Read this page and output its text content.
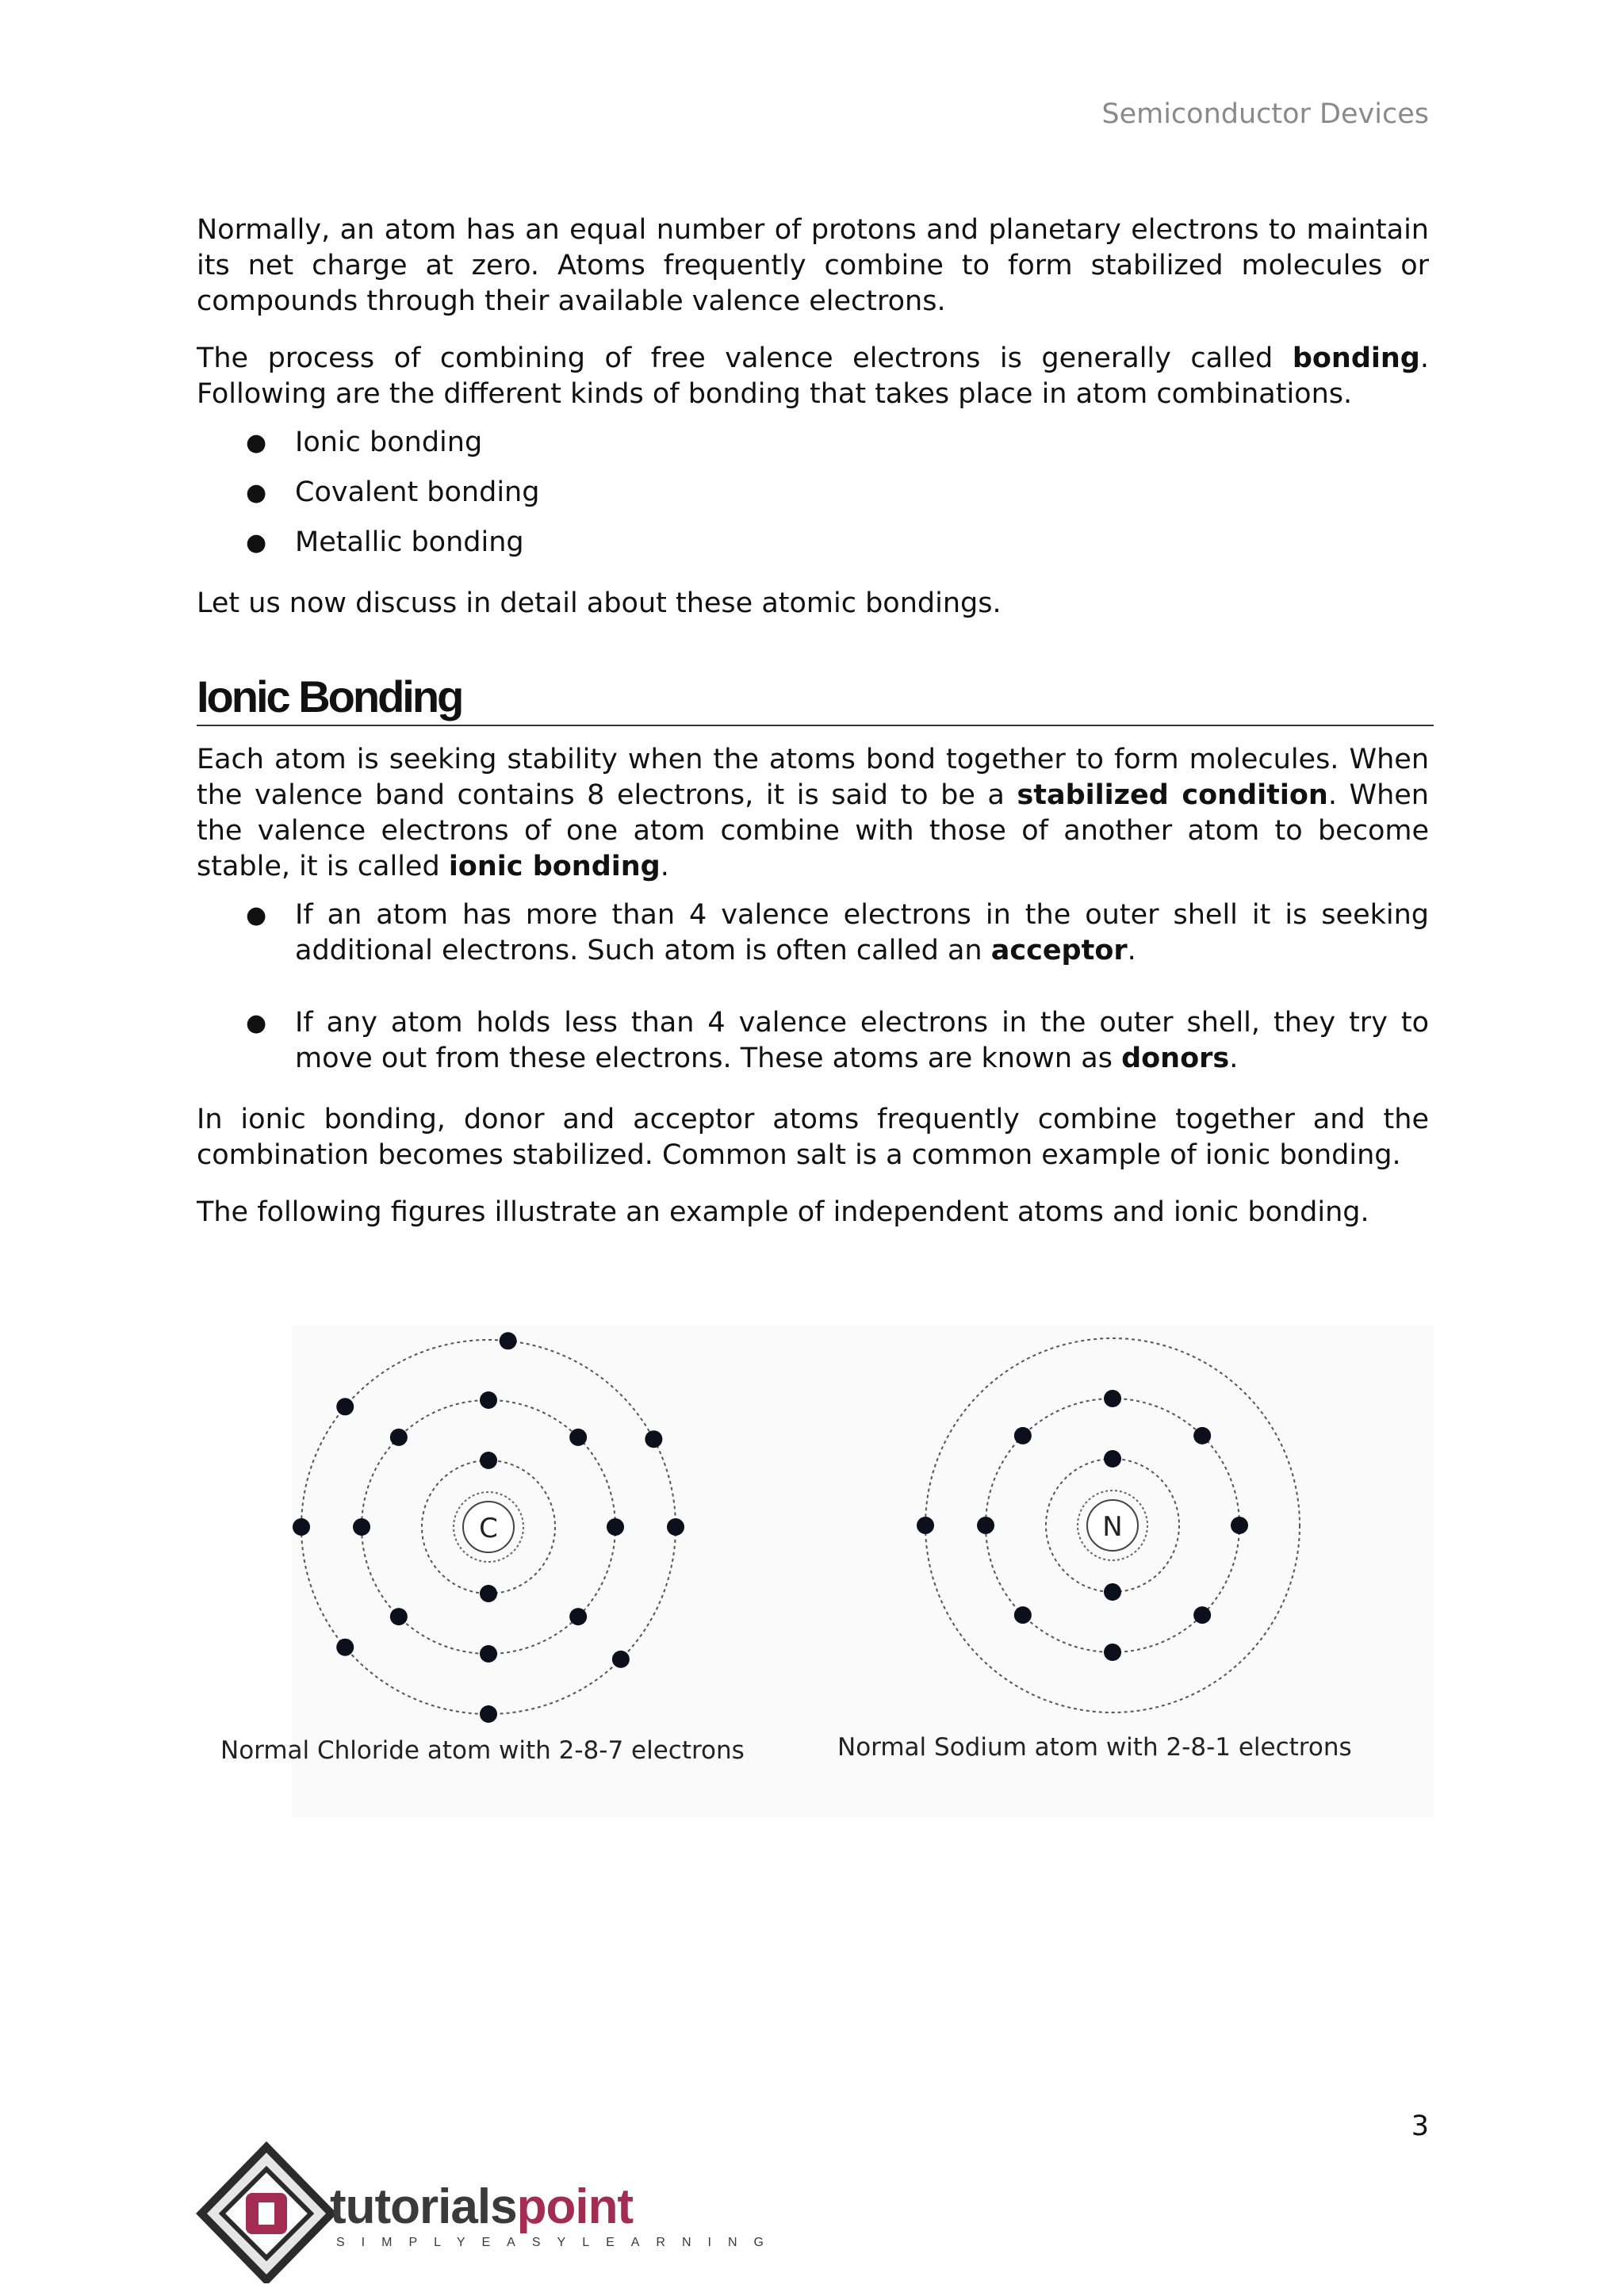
Semiconductor Devices

Normally, an atom has an equal number of protons and planetary electrons to maintain its net charge at zero. Atoms frequently combine to form stabilized molecules or compounds through their available valence electrons.

The process of combining of free valence electrons is generally called bonding. Following are the different kinds of bonding that takes place in atom combinations.

● Ionic bonding
● Covalent bonding
● Metallic bonding

Let us now discuss in detail about these atomic bondings.

Ionic Bonding

Each atom is seeking stability when the atoms bond together to form molecules. When the valence band contains 8 electrons, it is said to be a stabilized condition. When the valence electrons of one atom combine with those of another atom to become stable, it is called ionic bonding.

● If an atom has more than 4 valence electrons in the outer shell it is seeking additional electrons. Such atom is often called an acceptor.
● If any atom holds less than 4 valence electrons in the outer shell, they try to move out from these electrons. These atoms are known as donors.

In ionic bonding, donor and acceptor atoms frequently combine together and the combination becomes stabilized. Common salt is a common example of ionic bonding.

The following figures illustrate an example of independent atoms and ionic bonding.

C	N
Normal Chloride atom with 2-8-7 electrons	Normal Sodium atom with 2-8-1 electrons
3
tutorialspoint
SIMPLYEASYLEARNING
